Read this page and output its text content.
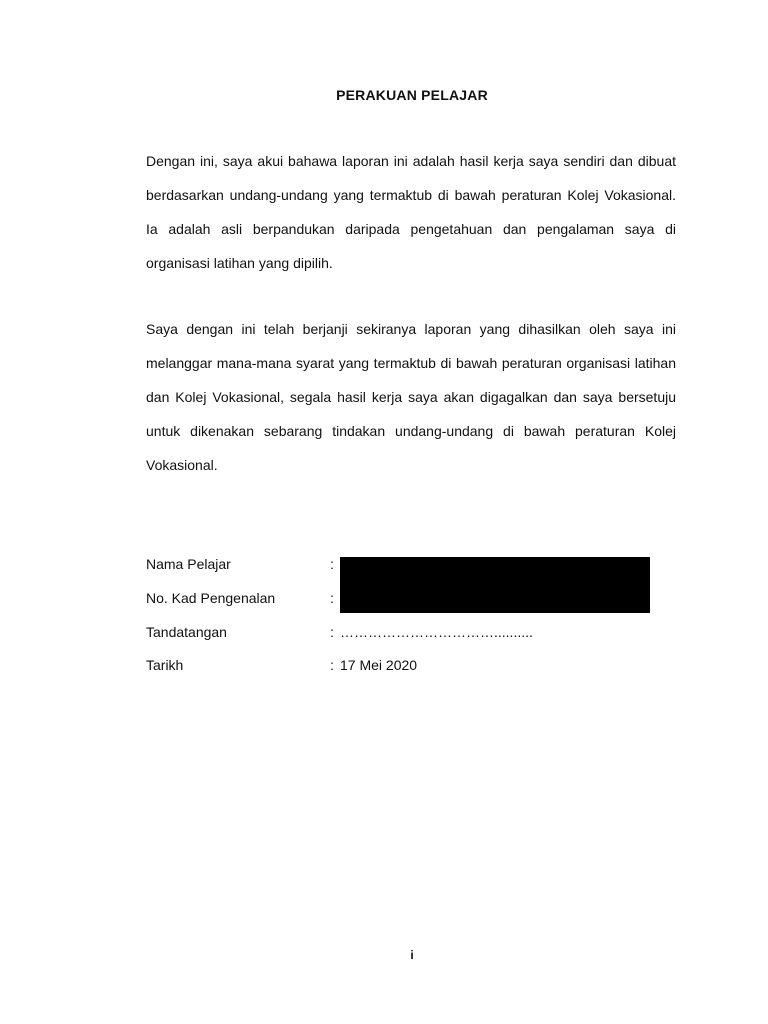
PERAKUAN PELAJAR
Dengan ini, saya akui bahawa laporan ini adalah hasil kerja saya sendiri dan dibuat berdasarkan undang-undang yang termaktub di bawah peraturan Kolej Vokasional. Ia adalah asli berpandukan daripada pengetahuan dan pengalaman saya di organisasi latihan yang dipilih.
Saya dengan ini telah berjanji sekiranya laporan yang dihasilkan oleh saya ini melanggar mana-mana syarat yang termaktub di bawah peraturan organisasi latihan dan Kolej Vokasional, segala hasil kerja saya akan digagalkan dan saya bersetuju untuk dikenakan sebarang tindakan undang-undang di bawah peraturan Kolej Vokasional.
Nama Pelajar	:
No. Kad Pengenalan	:
Tandatangan	: ……………………………..........
Tarikh	: 17 Mei 2020
i
